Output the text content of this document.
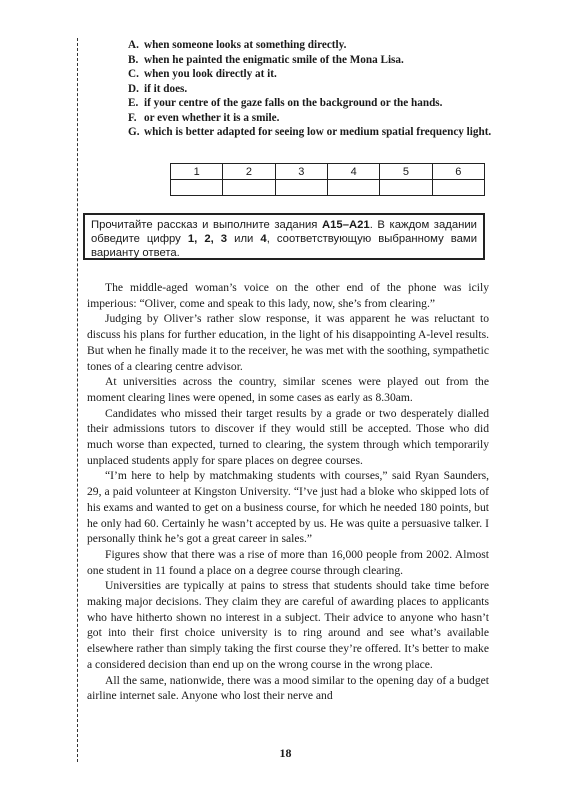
A. when someone looks at something directly.
B. when he painted the enigmatic smile of the Mona Lisa.
C. when you look directly at it.
D. if it does.
E. if your centre of the gaze falls on the background or the hands.
F. or even whether it is a smile.
G. which is better adapted for seeing low or medium spatial frequency light.
1	2	3	4	5	6

Прочитайте рассказ и выполните задания A15–A21. В каждом задании обведите цифру 1, 2, 3 или 4, соответствующую выбранному вами варианту ответа.

The middle-aged woman’s voice on the other end of the phone was icily imperious: “Oliver, come and speak to this lady, now, she’s from clearing.”

Judging by Oliver’s rather slow response, it was apparent he was reluctant to discuss his plans for further education, in the light of his disappointing A-level results. But when he finally made it to the receiver, he was met with the soothing, sympathetic tones of a clearing centre advisor.

At universities across the country, similar scenes were played out from the moment clearing lines were opened, in some cases as early as 8.30am.

Candidates who missed their target results by a grade or two desperately dialled their admissions tutors to discover if they would still be accepted. Those who did much worse than expected, turned to clearing, the system through which temporarily unplaced students apply for spare places on degree courses.

“I’m here to help by matchmaking students with courses,” said Ryan Saunders, 29, a paid volunteer at Kingston University. “I’ve just had a bloke who skipped lots of his exams and wanted to get on a business course, for which he needed 180 points, but he only had 60. Certainly he wasn’t accepted by us. He was quite a persuasive talker. I personally think he’s got a great career in sales.”

Figures show that there was a rise of more than 16,000 people from 2002. Almost one student in 11 found a place on a degree course through clearing.

Universities are typically at pains to stress that students should take time before making major decisions. They claim they are careful of awarding places to applicants who have hitherto shown no interest in a subject. Their advice to anyone who hasn’t got into their first choice university is to ring around and see what’s available elsewhere rather than simply taking the first course they’re offered. It’s better to make a considered decision than end up on the wrong course in the wrong place.

All the same, nationwide, there was a mood similar to the opening day of a budget airline internet sale. Anyone who lost their nerve and

18
